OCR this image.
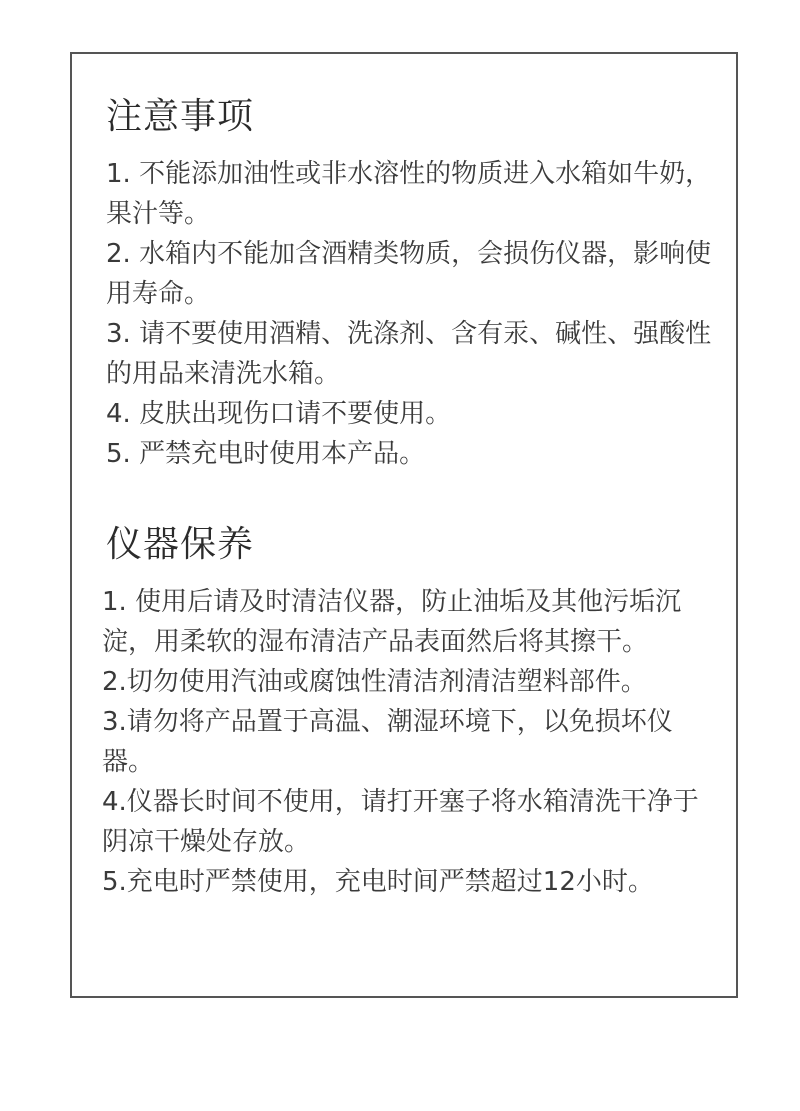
注意事项
1. 不能添加油性或非水溶性的物质进入水箱如牛奶，果汁等。
2. 水箱内不能加含酒精类物质，会损伤仪器，影响使用寿命。
3. 请不要使用酒精、洗涤剂、含有汞、碱性、强酸性的用品来清洗水箱。
4. 皮肤出现伤口请不要使用。
5. 严禁充电时使用本产品。
仪器保养
1. 使用后请及时清洁仪器，防止油垢及其他污垢沉淀，用柔软的湿布清洁产品表面然后将其擦干。
2.切勿使用汽油或腐蚀性清洁剂清洁塑料部件。
3.请勿将产品置于高温、潮湿环境下，以免损坏仪器。
4.仪器长时间不使用，请打开塞子将水箱清洗干净于阴凉干燥处存放。
5.充电时严禁使用，充电时间严禁超过12小时。
